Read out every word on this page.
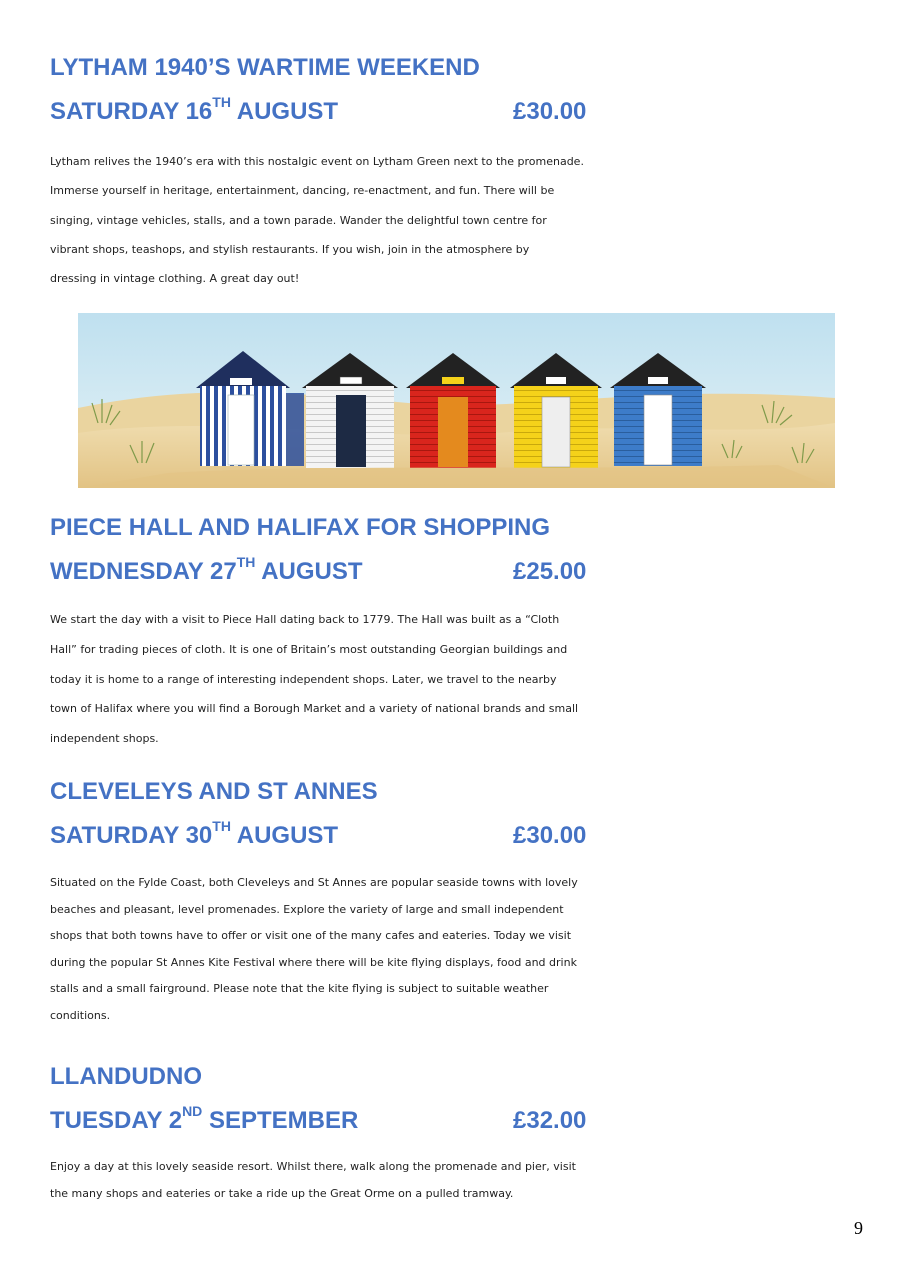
LYTHAM 1940’S WARTIME WEEKEND
SATURDAY 16TH AUGUST	£30.00
Lytham relives the 1940’s era with this nostalgic event on Lytham Green next to the promenade.
Immerse yourself in heritage, entertainment, dancing, re-enactment, and fun. There will be
singing, vintage vehicles, stalls, and a town parade. Wander the delightful town centre for
vibrant shops, teashops, and stylish restaurants. If you wish, join in the atmosphere by
dressing in vintage clothing. A great day out!
PIECE HALL AND HALIFAX FOR SHOPPING
WEDNESDAY 27TH AUGUST	£25.00
We start the day with a visit to Piece Hall dating back to 1779. The Hall was built as a “Cloth
Hall” for trading pieces of cloth. It is one of Britain’s most outstanding Georgian buildings and
today it is home to a range of interesting independent shops. Later, we travel to the nearby
town of Halifax where you will find a Borough Market and a variety of national brands and small
independent shops.
CLEVELEYS AND ST ANNES
SATURDAY 30TH AUGUST	£30.00
Situated on the Fylde Coast, both Cleveleys and St Annes are popular seaside towns with lovely
beaches and pleasant, level promenades. Explore the variety of large and small independent
shops that both towns have to offer or visit one of the many cafes and eateries. Today we visit
during the popular St Annes Kite Festival where there will be kite flying displays, food and drink
stalls and a small fairground. Please note that the kite flying is subject to suitable weather
conditions.
LLANDUDNO
TUESDAY 2ND SEPTEMBER	£32.00
Enjoy a day at this lovely seaside resort. Whilst there, walk along the promenade and pier, visit
the many shops and eateries or take a ride up the Great Orme on a pulled tramway.
9
